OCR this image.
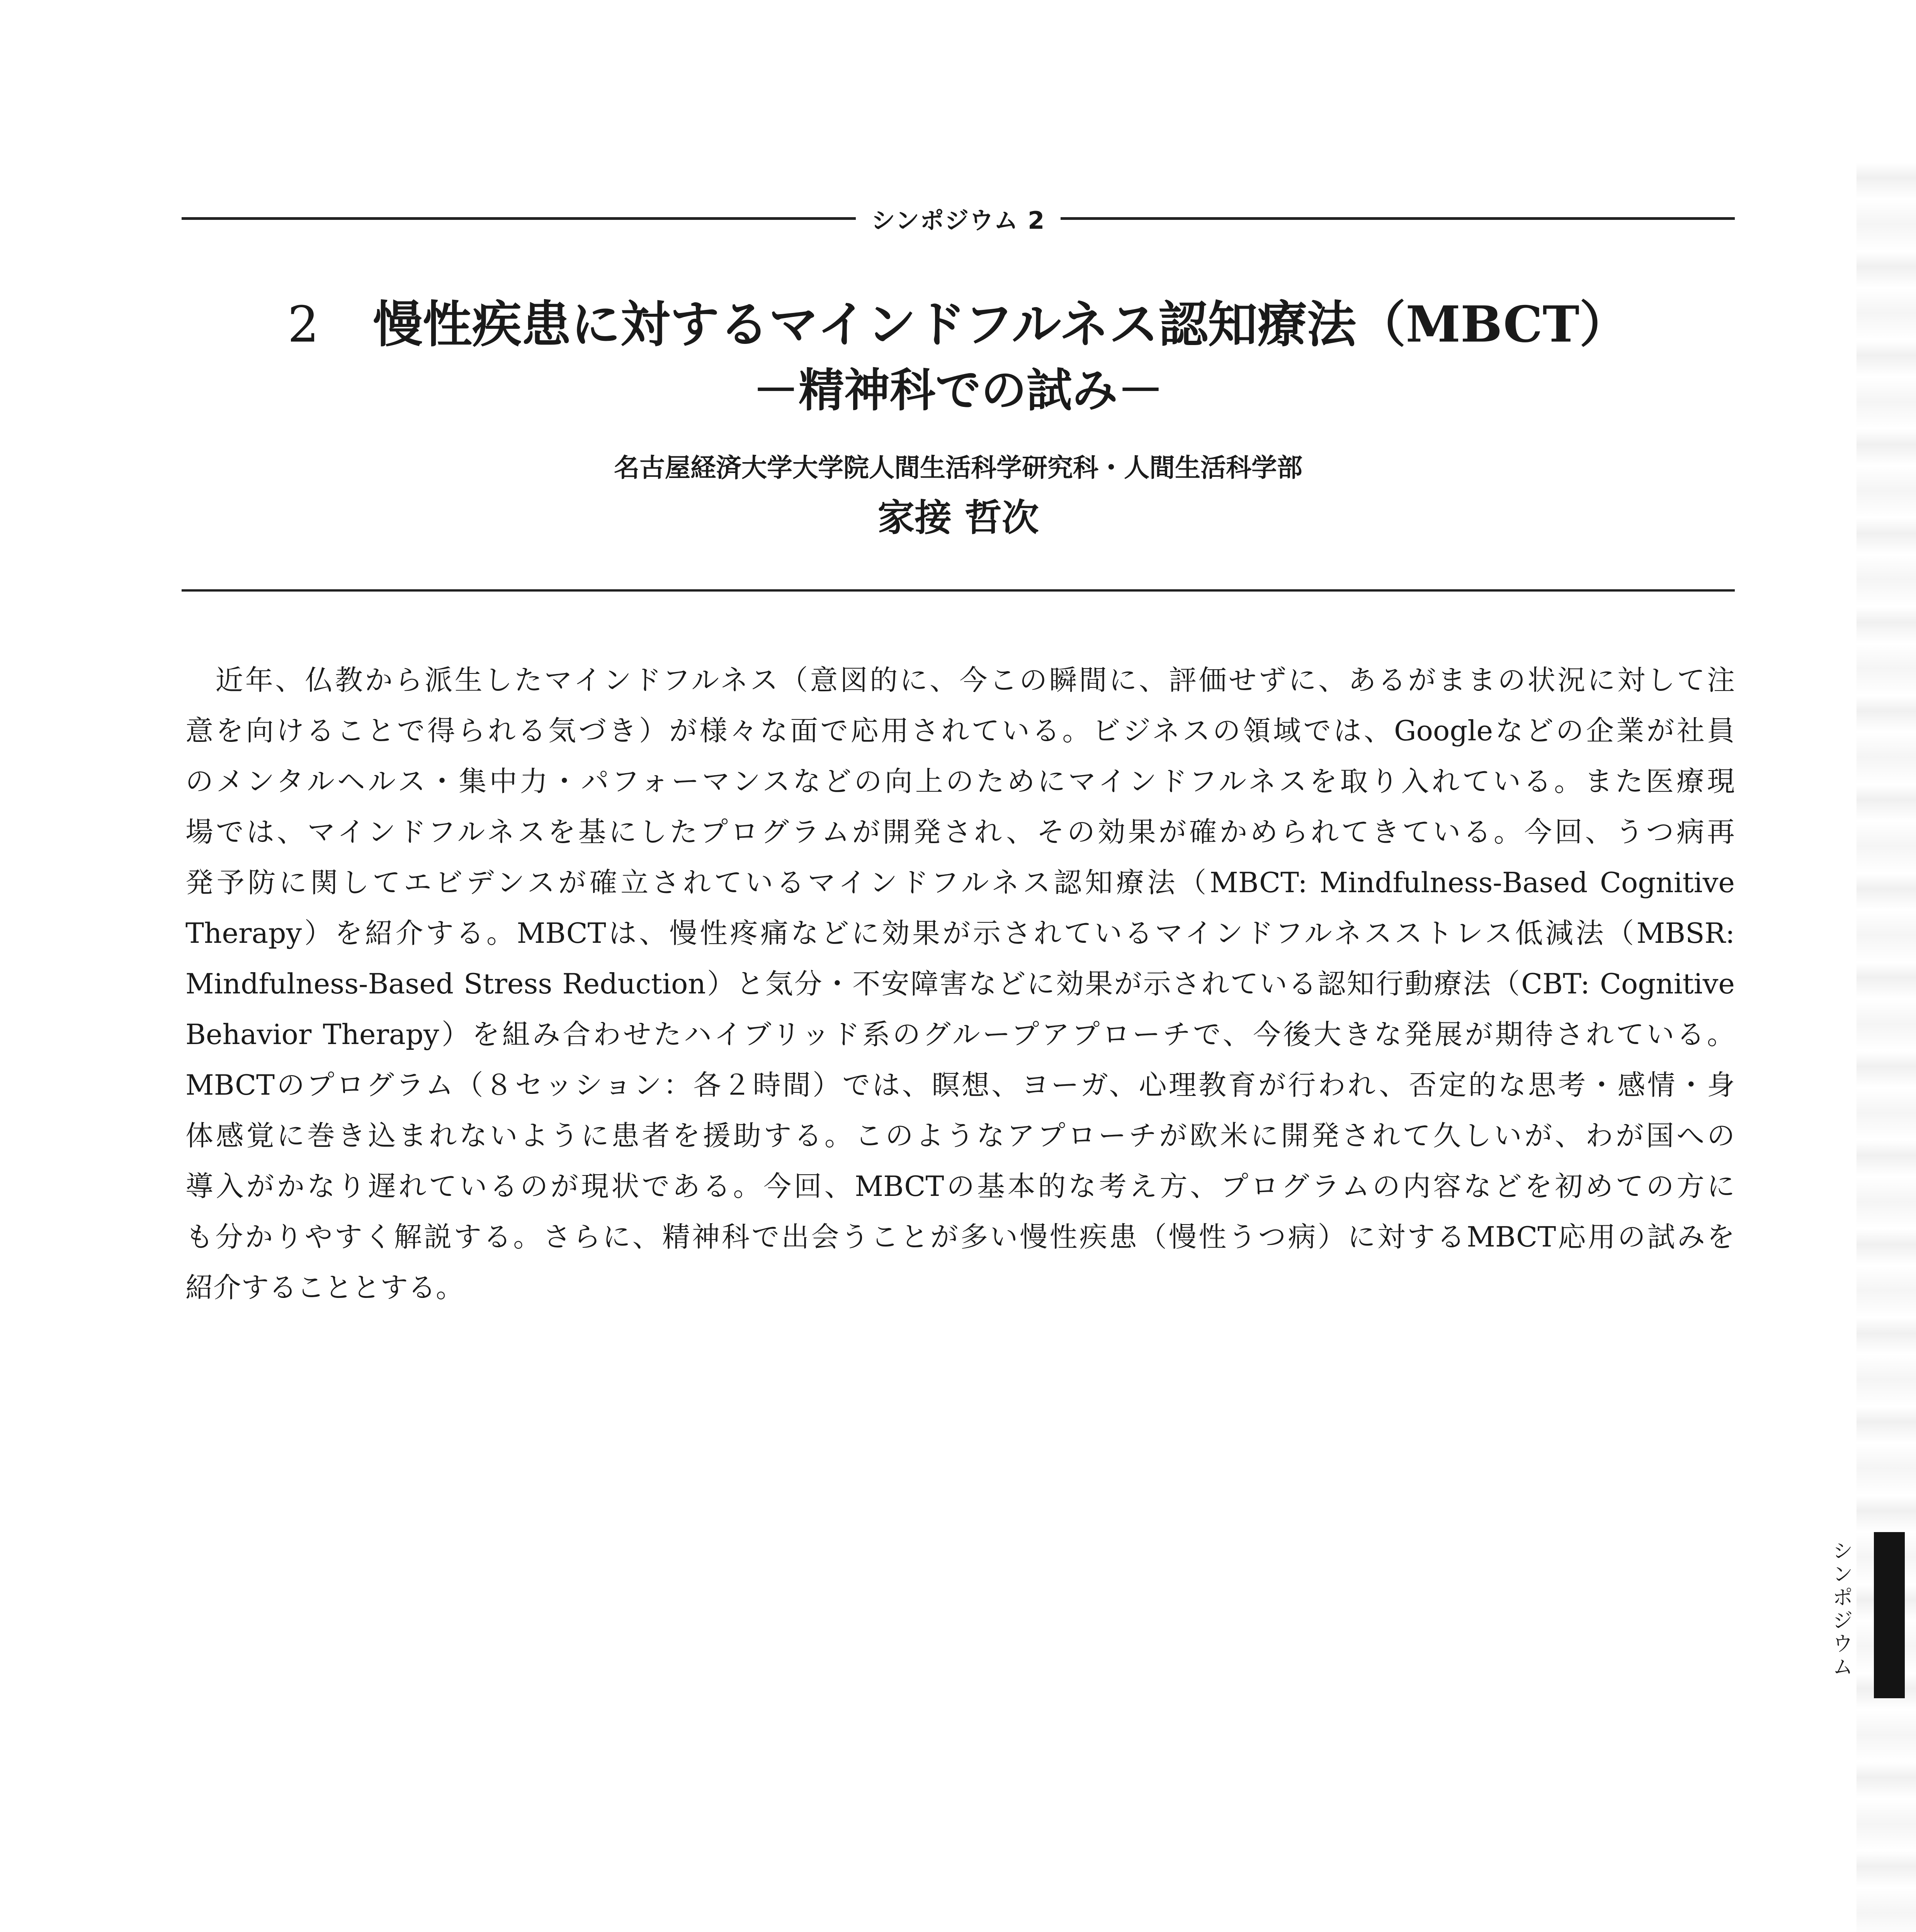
シンポジウム 2
2 慢性疾患に対するマインドフルネス認知療法（MBCT）
－精神科での試み－
名古屋経済大学大学院人間生活科学研究科・人間生活科学部
家接 哲次
　近年、仏教から派生したマインドフルネス（意図的に、今この瞬間に、評価せずに、あるがままの状況に対して注
意を向けることで得られる気づき）が様々な面で応用されている。ビジネスの領域では、Googleなどの企業が社員
のメンタルヘルス・集中力・パフォーマンスなどの向上のためにマインドフルネスを取り入れている。また医療現
場では、マインドフルネスを基にしたプログラムが開発され、その効果が確かめられてきている。今回、うつ病再
発予防に関してエビデンスが確立されているマインドフルネス認知療法（MBCT: Mindfulness-Based Cognitive
Therapy）を紹介する。MBCTは、慢性疼痛などに効果が示されているマインドフルネスストレス低減法（MBSR:
Mindfulness-Based Stress Reduction）と気分・不安障害などに効果が示されている認知行動療法（CBT: Cognitive
Behavior Therapy）を組み合わせたハイブリッド系のグループアプローチで、今後大きな発展が期待されている。
MBCTのプログラム（８セッション：各２時間）では、瞑想、ヨーガ、心理教育が行われ、否定的な思考・感情・身
体感覚に巻き込まれないように患者を援助する。このようなアプローチが欧米に開発されて久しいが、わが国への
導入がかなり遅れているのが現状である。今回、MBCTの基本的な考え方、プログラムの内容などを初めての方に
も分かりやすく解説する。さらに、精神科で出会うことが多い慢性疾患（慢性うつ病）に対するMBCT応用の試みを
紹介することとする。
シンポジウム
